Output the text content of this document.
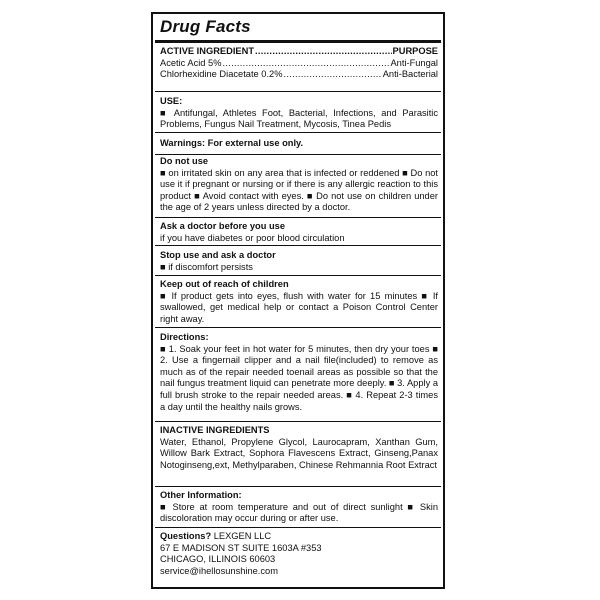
Drug Facts
ACTIVE INGREDIENT .....	PURPOSE
Acetic Acid 5% .....	Anti-Fungal
Chlorhexidine Diacetate 0.2% .....	Anti-Bacterial
USE:
■ Antifungal, Athletes Foot, Bacterial, Infections, and Parasitic Problems, Fungus Nail Treatment, Mycosis, Tinea Pedis
Warnings: For external use only.
Do not use
■ on irritated skin on any area that is infected or reddened ■ Do not use it if pregnant or nursing or if there is any allergic reaction to this product ■ Avoid contact with eyes. ■ Do not use on children under the age of 2 years unless directed by a doctor.
Ask a doctor before you use
if you have diabetes or poor blood circulation
Stop use and ask a doctor
■ if discomfort persists
Keep out of reach of children
■ If product gets into eyes, flush with water for 15 minutes ■ If swallowed, get medical help or contact a Poison Control Center right away.
Directions:
■ 1. Soak your feet in hot water for 5 minutes, then dry your toes ■ 2. Use a fingernail clipper and a nail file(included) to remove as much as of the repair needed toenail areas as possible so that the nail fungus treatment liquid can penetrate more deeply. ■ 3. Apply a full brush stroke to the repair needed areas. ■ 4. Repeat 2-3 times a day until the healthy nails grows.
INACTIVE INGREDIENTS
Water, Ethanol, Propylene Glycol, Laurocapram, Xanthan Gum, Willow Bark Extract, Sophora Flavescens Extract, Ginseng,Panax Notoginseng,ext, Methylparaben, Chinese Rehmannia Root Extract
Other Information:
■ Store at room temperature and out of direct sunlight ■ Skin discoloration may occur during or after use.
Questions? LEXGEN LLC
67 E MADISON ST SUITE 1603A #353
CHICAGO, ILLINOIS 60603
service@ihellosunshine.com
